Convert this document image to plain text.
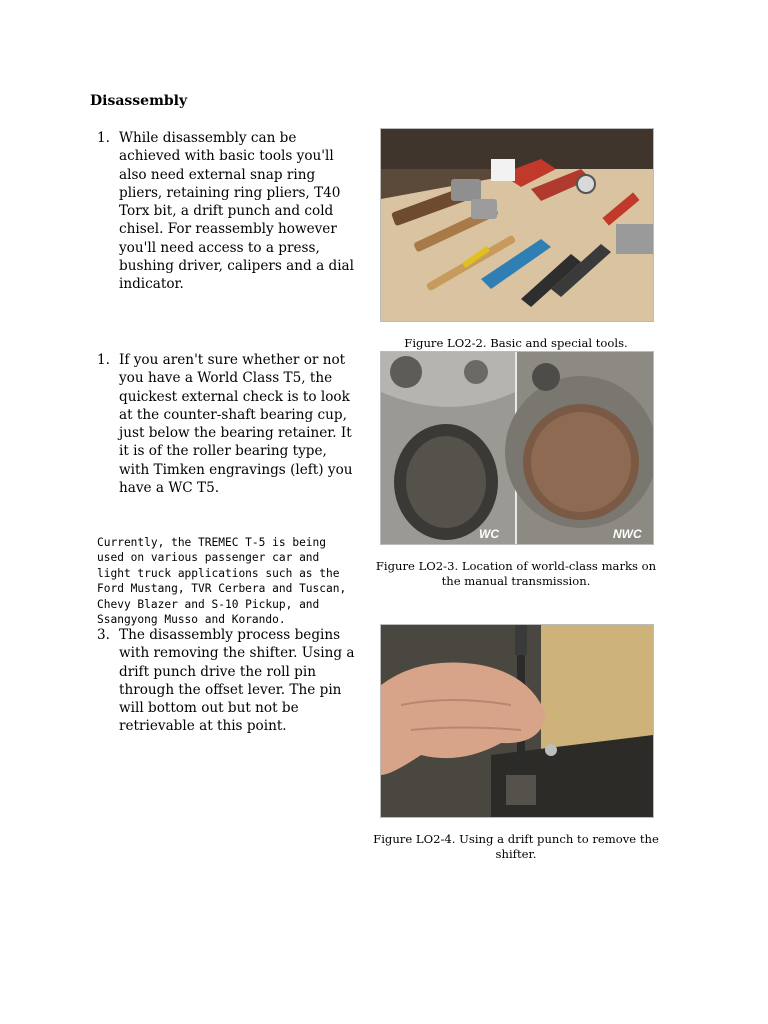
Disassembly
1. While disassembly can be achieved with basic tools you'll also need external snap ring pliers, retaining ring pliers, T40 Torx bit, a drift punch and cold chisel. For reassembly however you'll need access to a press, bushing driver, calipers and a dial indicator.
1. If you aren't sure whether or not you have a World Class T5, the quickest external check is to look at the counter-shaft bearing cup, just below the bearing retainer. It it is of the roller bearing type, with Timken engravings (left) you have a WC T5.
Currently, the TREMEC T-5 is being used on various passenger car and light truck applications such as the Ford Mustang, TVR Cerbera and Tuscan, Chevy Blazer and S-10 Pickup, and Ssangyong Musso and Korando.
3. The disassembly process begins with removing the shifter. Using a drift punch drive the roll pin through the offset lever. The pin will bottom out but not be retrievable at this point.
Figure LO2-2. Basic and special tools.
WC	NWC
Figure LO2-3. Location of world-class marks on the manual transmission.
Figure LO2-4. Using a drift punch to remove the shifter.
